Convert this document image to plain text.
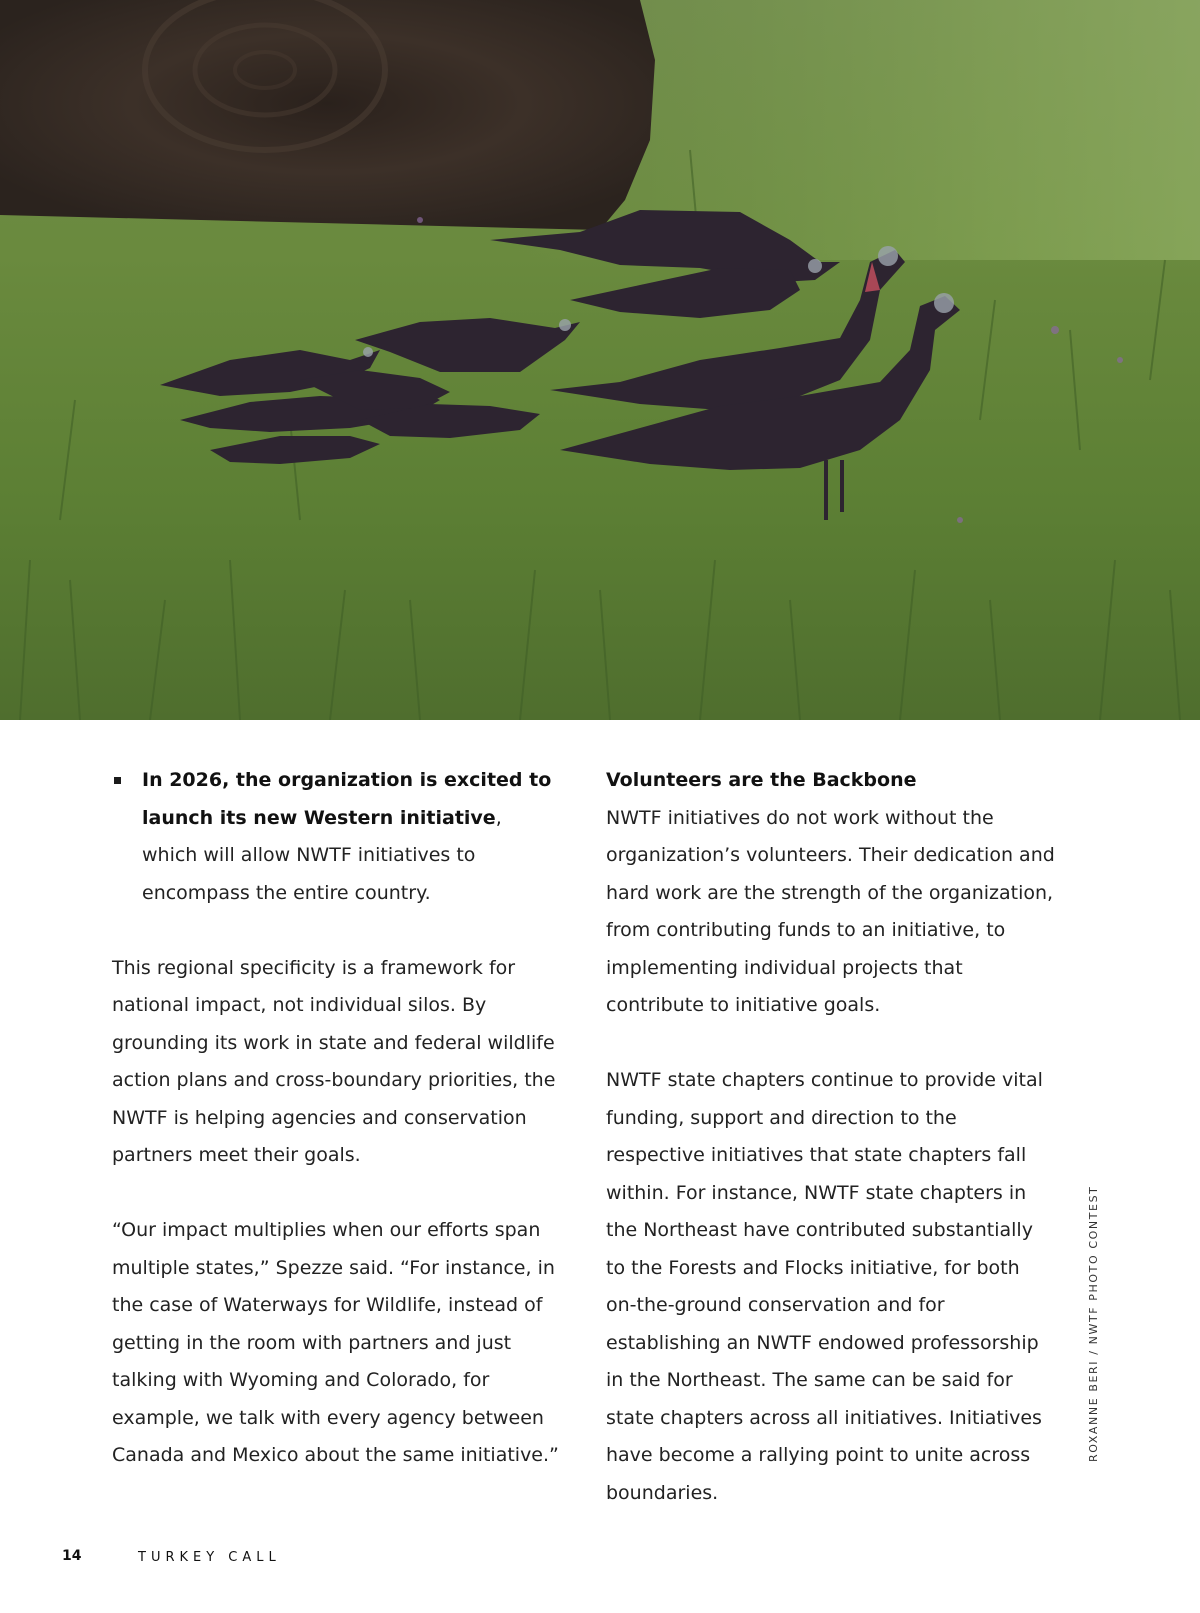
In 2026, the organization is excited to launch its new Western initiative, which will allow NWTF initiatives to encompass the entire country.

This regional specificity is a framework for national impact, not individual silos. By grounding its work in state and federal wildlife action plans and cross-boundary priorities, the NWTF is helping agencies and conservation partners meet their goals.

“Our impact multiplies when our efforts span multiple states,” Spezze said. “For instance, in the case of Waterways for Wildlife, instead of getting in the room with partners and just talking with Wyoming and Colorado, for example, we talk with every agency between Canada and Mexico about the same initiative.”

Volunteers are the Backbone

NWTF initiatives do not work without the organization’s volunteers. Their dedication and hard work are the strength of the organization, from contributing funds to an initiative, to implementing individual projects that contribute to initiative goals.

NWTF state chapters continue to provide vital funding, support and direction to the respective initiatives that state chapters fall within. For instance, NWTF state chapters in the Northeast have contributed substantially to the Forests and Flocks initiative, for both on-the-ground conservation and for establishing an NWTF endowed professorship in the Northeast. The same can be said for state chapters across all initiatives. Initiatives have become a rallying point to unite across boundaries.

ROXANNE BERI / NWTF PHOTO CONTEST
14	TURKEY CALL
